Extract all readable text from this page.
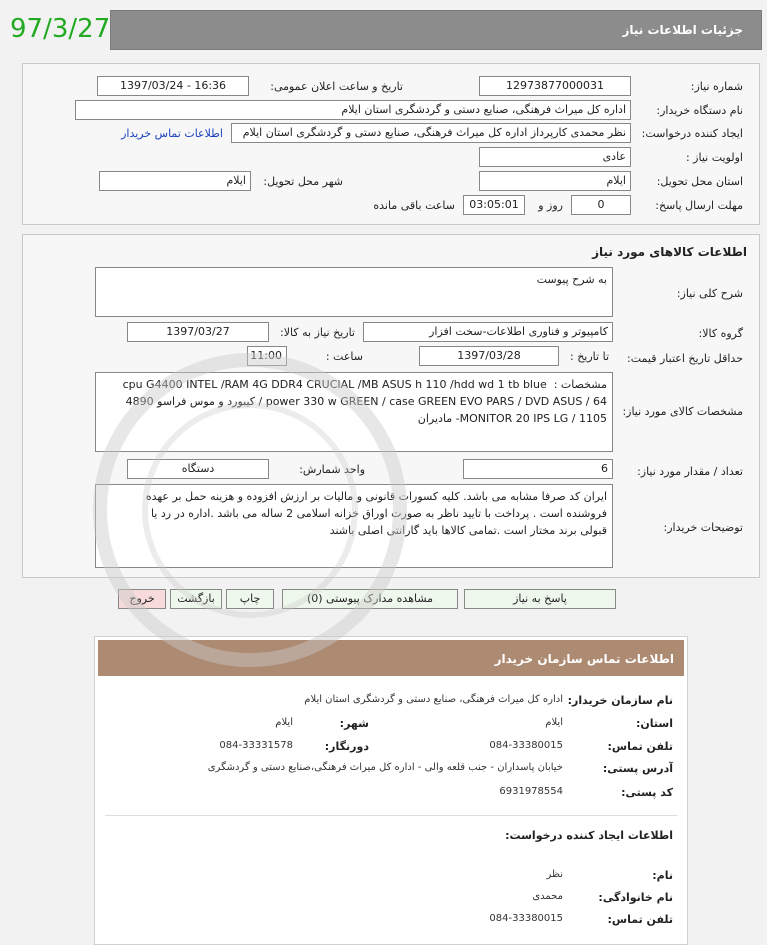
97/3/27	جزئیات اطلاعات نیاز
شماره نیاز:
12973877000031
تاریخ و ساعت اعلان عمومی:
1397/03/24 - 16:36
نام دستگاه خریدار:
اداره کل میراث فرهنگی، صنایع دستی و گردشگری استان ایلام
ایجاد کننده درخواست:
نظر محمدی کارپرداز اداره کل میراث فرهنگی، صنایع دستی و گردشگری استان ایلام
اطلاعات تماس خریدار
اولویت نیاز :
عادی
استان محل تحویل:
ایلام
شهر محل تحویل:
ایلام
مهلت ارسال پاسخ:
0
روز و
03:05:01
ساعت باقی مانده
اطلاعات کالاهای مورد نیاز
شرح کلی نیاز:
به شرح پیوست
گروه کالا:
کامپیوتر و فناوری اطلاعات-سخت افزار
تاریخ نیاز به کالا:
1397/03/27
حداقل تاریخ اعتبار قیمت:
تا تاریخ :
1397/03/28
ساعت :
11:00
مشخصات کالای مورد نیاز:
cpu G4400 INTEL /RAM 4G DDR4 CRUCIAL /MB ASUS h 110 /hdd wd 1 tb blue مشخصات :
power 330 w GREEN / case GREEN EVO PARS / DVD ASUS / 64 / کیبورد و موس فراسو 4890
MONITOR 20 IPS LG / 1105- مادیران
تعداد / مقدار مورد نیاز:
6
واحد شمارش:
دستگاه
توضیحات خریدار:
ایران کد صرفا مشابه می باشد. کلیه کسورات قانونی و مالیات بر ارزش افزوده و هزینه حمل بر عهده
فروشنده است . پرداخت با تایید ناظر به صورت اوراق خزانه اسلامی 2 ساله می باشد .اداره در رد یا
قبولی برند مختار است .تمامی کالاها باید گارانتی اصلی باشند
پاسخ به نیاز
مشاهده مدارک پیوستی (0)
چاپ
بازگشت
خروج
اطلاعات تماس سازمان خریدار
نام سازمان خریدار:
اداره کل میراث فرهنگی، صنایع دستی و گردشگری استان ایلام
استان:
ایلام
شهر:
ایلام
تلفن تماس:
084-33380015
دورنگار:
084-33331578
آدرس پستی:
خیابان پاسداران - جنب قلعه والی - اداره کل میراث فرهنگی،صنایع دستی و گردشگری
کد پستی:
6931978554
اطلاعات ایجاد کننده درخواست:
نام:
نظر
نام خانوادگی:
محمدی
تلفن تماس:
084-33380015
